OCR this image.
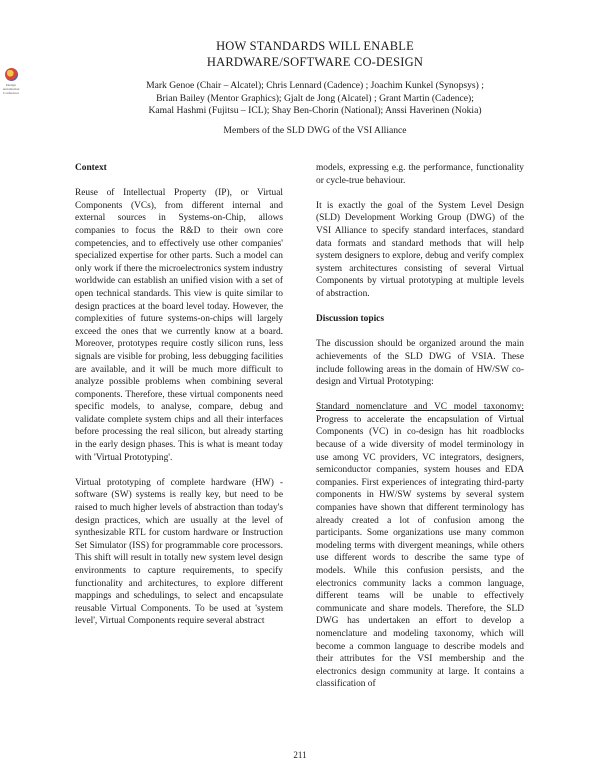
Design Automation Conference
HOW STANDARDS WILL ENABLE
HARDWARE/SOFTWARE CO-DESIGN
Mark Genoe (Chair – Alcatel); Chris Lennard (Cadence) ; Joachim Kunkel (Synopsys) ;
Brian Bailey (Mentor Graphics); Gjalt de Jong (Alcatel) ; Grant Martin (Cadence);
Kamal Hashmi (Fujitsu – ICL); Shay Ben-Chorin (National); Anssi Haverinen (Nokia)
Members of the SLD DWG of the VSI Alliance

Context

Reuse of Intellectual Property (IP), or Virtual Components (VCs), from different internal and external sources in Systems-on-Chip, allows companies to focus the R&D to their own core competencies, and to effectively use other companies' specialized expertise for other parts. Such a model can only work if there the microelectronics system industry worldwide can establish an unified vision with a set of open technical standards. This view is quite similar to design practices at the board level today. However, the complexities of future systems-on-chips will largely exceed the ones that we currently know at a board. Moreover, prototypes require costly silicon runs, less signals are visible for probing, less debugging facilities are available, and it will be much more difficult to analyze possible problems when combining several components. Therefore, these virtual components need specific models, to analyse, compare, debug and validate complete system chips and all their interfaces before processing the real silicon, but already starting in the early design phases. This is what is meant today with 'Virtual Prototyping'.

Virtual prototyping of complete hardware (HW) - software (SW) systems is really key, but need to be raised to much higher levels of abstraction than today's design practices, which are usually at the level of synthesizable RTL for custom hardware or Instruction Set Simulator (ISS) for programmable core processors. This shift will result in totally new system level design environments to capture requirements, to specify functionality and architectures, to explore different mappings and schedulings, to select and encapsulate reusable Virtual Components. To be used at 'system level', Virtual Components require several abstract

models, expressing e.g. the performance, functionality or cycle-true behaviour.

It is exactly the goal of the System Level Design (SLD) Development Working Group (DWG) of the VSI Alliance to specify standard interfaces, standard data formats and standard methods that will help system designers to explore, debug and verify complex system architectures consisting of several Virtual Components by virtual prototyping at multiple levels of abstraction.

Discussion topics

The discussion should be organized around the main achievements of the SLD DWG of VSIA. These include following areas in the domain of HW/SW co-design and Virtual Prototyping:

Standard nomenclature and VC model taxonomy: Progress to accelerate the encapsulation of Virtual Components (VC) in co-design has hit roadblocks because of a wide diversity of model terminology in use among VC providers, VC integrators, designers, semiconductor companies, system houses and EDA companies. First experiences of integrating third-party components in HW/SW systems by several system companies have shown that different terminology has already created a lot of confusion among the participants. Some organizations use many common modeling terms with divergent meanings, while others use different words to describe the same type of models. While this confusion persists, and the electronics community lacks a common language, different teams will be unable to effectively communicate and share models. Therefore, the SLD DWG has undertaken an effort to develop a nomenclature and modeling taxonomy, which will become a common language to describe models and their attributes for the VSI membership and the electronics design community at large. It contains a classification of

211
